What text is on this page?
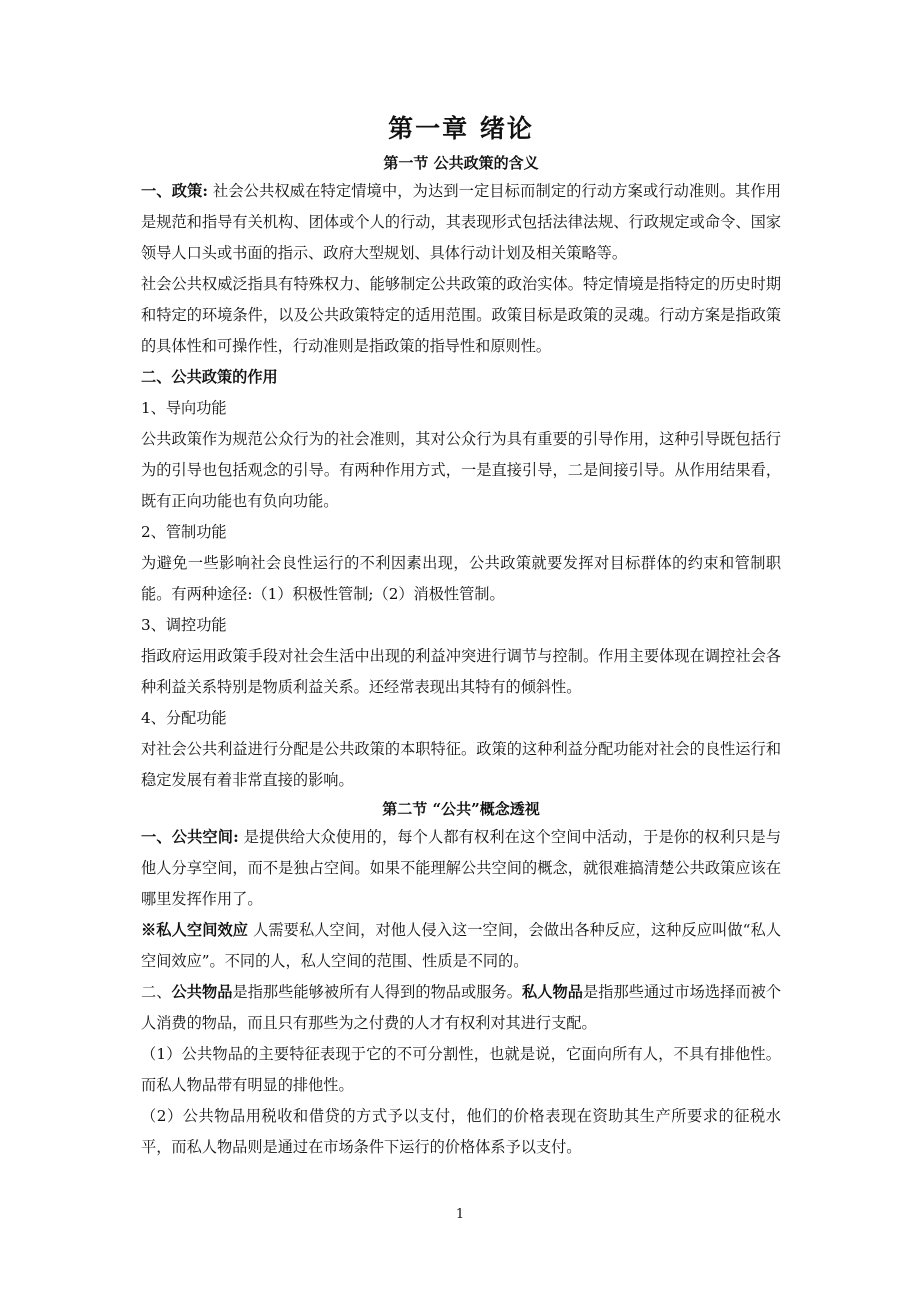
第一章 绪论
第一节 公共政策的含义

一、政策: 社会公共权威在特定情境中，为达到一定目标而制定的行动方案或行动准则。其作用是规范和指导有关机构、团体或个人的行动，其表现形式包括法律法规、行政规定或命令、国家领导人口头或书面的指示、政府大型规划、具体行动计划及相关策略等。

社会公共权威泛指具有特殊权力、能够制定公共政策的政治实体。特定情境是指特定的历史时期和特定的环境条件，以及公共政策特定的适用范围。政策目标是政策的灵魂。行动方案是指政策的具体性和可操作性，行动准则是指政策的指导性和原则性。

二、公共政策的作用

1、导向功能

公共政策作为规范公众行为的社会准则，其对公众行为具有重要的引导作用，这种引导既包括行为的引导也包括观念的引导。有两种作用方式，一是直接引导，二是间接引导。从作用结果看，既有正向功能也有负向功能。

2、管制功能

为避免一些影响社会良性运行的不利因素出现，公共政策就要发挥对目标群体的约束和管制职能。有两种途径:（1）积极性管制;（2）消极性管制。

3、调控功能

指政府运用政策手段对社会生活中出现的利益冲突进行调节与控制。作用主要体现在调控社会各种利益关系特别是物质利益关系。还经常表现出其特有的倾斜性。

4、分配功能

对社会公共利益进行分配是公共政策的本职特征。政策的这种利益分配功能对社会的良性运行和稳定发展有着非常直接的影响。

第二节 “公共”概念透视

一、公共空间: 是提供给大众使用的，每个人都有权利在这个空间中活动，于是你的权利只是与他人分享空间，而不是独占空间。如果不能理解公共空间的概念，就很难搞清楚公共政策应该在哪里发挥作用了。

※私人空间效应 人需要私人空间，对他人侵入这一空间，会做出各种反应，这种反应叫做“私人空间效应”。不同的人，私人空间的范围、性质是不同的。

二、公共物品是指那些能够被所有人得到的物品或服务。私人物品是指那些通过市场选择而被个人消费的物品，而且只有那些为之付费的人才有权利对其进行支配。

（1）公共物品的主要特征表现于它的不可分割性，也就是说，它面向所有人，不具有排他性。而私人物品带有明显的排他性。

（2）公共物品用税收和借贷的方式予以支付，他们的价格表现在资助其生产所要求的征税水平，而私人物品则是通过在市场条件下运行的价格体系予以支付。

1
